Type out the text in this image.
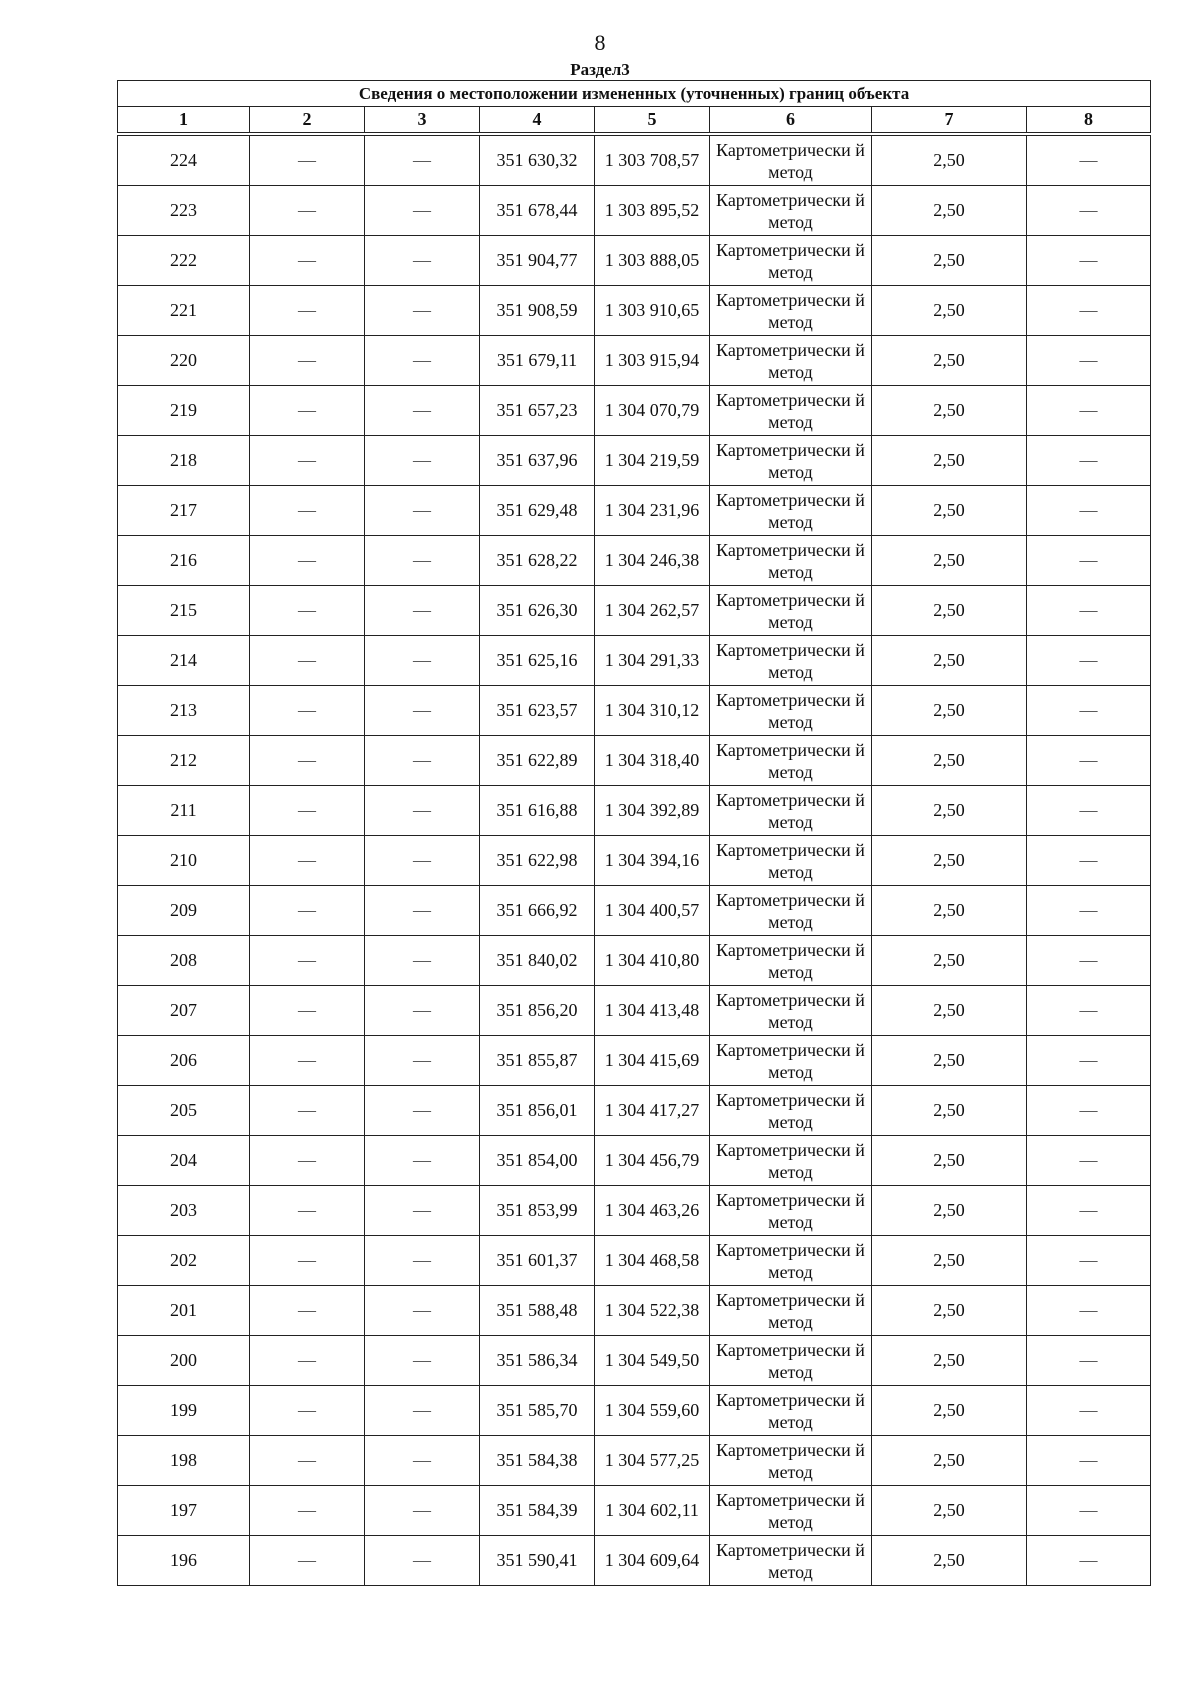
8
Раздел3
Сведения о местоположении измененных (уточненных) границ объекта							
1	2	3	4	5	6	7	8

224	—	—	351 630,32	1 303 708,57	Картометрически й метод	2,50	—
223	—	—	351 678,44	1 303 895,52	Картометрически й метод	2,50	—
222	—	—	351 904,77	1 303 888,05	Картометрически й метод	2,50	—
221	—	—	351 908,59	1 303 910,65	Картометрически й метод	2,50	—
220	—	—	351 679,11	1 303 915,94	Картометрически й метод	2,50	—
219	—	—	351 657,23	1 304 070,79	Картометрически й метод	2,50	—
218	—	—	351 637,96	1 304 219,59	Картометрически й метод	2,50	—
217	—	—	351 629,48	1 304 231,96	Картометрически й метод	2,50	—
216	—	—	351 628,22	1 304 246,38	Картометрически й метод	2,50	—
215	—	—	351 626,30	1 304 262,57	Картометрически й метод	2,50	—
214	—	—	351 625,16	1 304 291,33	Картометрически й метод	2,50	—
213	—	—	351 623,57	1 304 310,12	Картометрически й метод	2,50	—
212	—	—	351 622,89	1 304 318,40	Картометрически й метод	2,50	—
211	—	—	351 616,88	1 304 392,89	Картометрически й метод	2,50	—
210	—	—	351 622,98	1 304 394,16	Картометрически й метод	2,50	—
209	—	—	351 666,92	1 304 400,57	Картометрически й метод	2,50	—
208	—	—	351 840,02	1 304 410,80	Картометрически й метод	2,50	—
207	—	—	351 856,20	1 304 413,48	Картометрически й метод	2,50	—
206	—	—	351 855,87	1 304 415,69	Картометрически й метод	2,50	—
205	—	—	351 856,01	1 304 417,27	Картометрически й метод	2,50	—
204	—	—	351 854,00	1 304 456,79	Картометрически й метод	2,50	—
203	—	—	351 853,99	1 304 463,26	Картометрически й метод	2,50	—
202	—	—	351 601,37	1 304 468,58	Картометрически й метод	2,50	—
201	—	—	351 588,48	1 304 522,38	Картометрически й метод	2,50	—
200	—	—	351 586,34	1 304 549,50	Картометрически й метод	2,50	—
199	—	—	351 585,70	1 304 559,60	Картометрически й метод	2,50	—
198	—	—	351 584,38	1 304 577,25	Картометрически й метод	2,50	—
197	—	—	351 584,39	1 304 602,11	Картометрически й метод	2,50	—
196	—	—	351 590,41	1 304 609,64	Картометрически й метод	2,50	—
